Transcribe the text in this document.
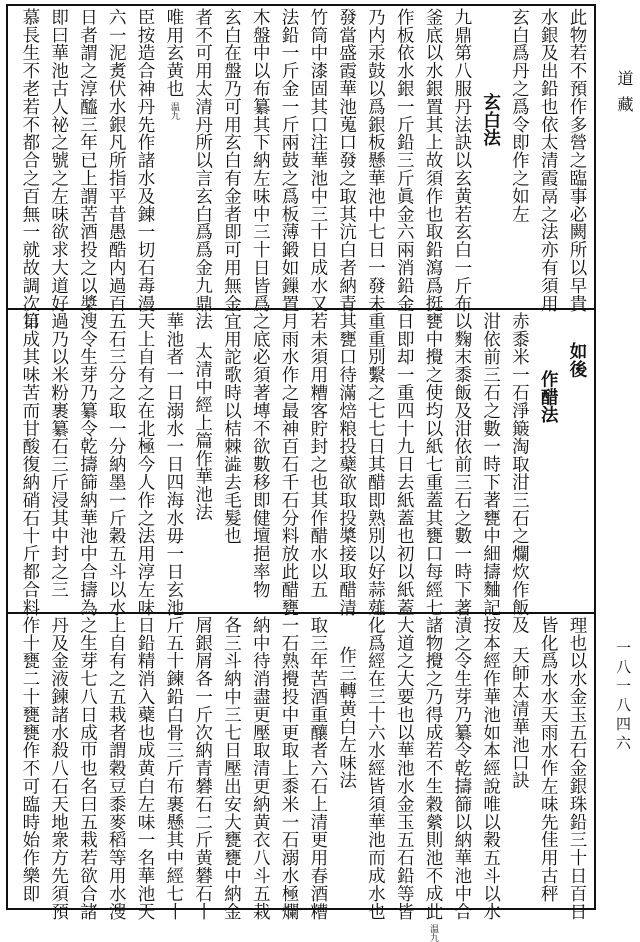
此物若不預作多營之臨事必闕所以早貴
水銀及出鉛也依太清霞鬲之法亦有須用
玄白爲丹之爲令即作之如左
玄白法
九鼎第八服丹法訣以玄黄若玄白一斤布
釜底以水銀置其上故須作也取鉛瀉爲挺
作板依水銀一斤鉛三斤眞金六兩消鉛金
乃内汞鼓以爲銀板懸華池中七日一發未
發當盛霞華池蒐口發之取其沆白者納青
竹筒中漆固其口注華池中三十日成水又
法鉛一斤金一斤兩鼓之爲板薄鍛如鏁置
木盤中以布纂其下納左味中三十日皆爲
玄白在盤乃可用玄白有金者即可用無金
者不可用太清丹所以言玄白爲爲金九鼎法
唯用玄黄也温九
臣按造合神丹先作諸水及錬一切石毒漫
六一泥煑伏水銀凡所指平昔愚酷内過百
日者謂之淳醯三年已上謂苦酒投之以槳
即曰華池古人祕之號之左味欲求大道好
慕長生不老若不都合之百無一就故調次第
如後
作醋法
赤黍米一石淨簸淘取泔三石之爛炊作飯及
泔依前三石之數一時下著甕中細擣麯記
以麴末黍飯及泔依前三石之數一時下著
甕中攪之使均以紙七重蓋其甕口每經七
日即却一重四十九日去紙蓋也初以紙蓋
重重別繫之七七日其醋即熟別以好蒜薤
其甕口待滿焙粮投蘗欲取投槳接取醋清
若未須用糟客貯封之也其作醋水以五
月雨水作之最神百石千石分料放此醋甕
之底必須著塼不欲數移即健壇挹率物
宜用詑歌時以桔棘澁去毛髮也
太清中經上篇作華池法
華池者一日溺水一日四海水毋一日玄池
天上自有之在北極今人作之法用淳左味
五石三分之取一分納墨一斤穀五斗以水
溲令生芽乃纂令乾擣篩納華池中合擣為
過乃以米粉裹纂石三斤浸其中封之三
日成其味苦而甘酸復納硝石十斤都合料
理也以水金玉五石金銀珠鉛三十日百日
皆化爲水水天雨水作左味先佳用古秤
天師太清華池口訣
按本經作華池如本經說唯以穀五斗以水
漬之令生芽乃纂令乾擣篩以納華池中合
諸物攪之乃得成若不生穀縈則池不成此温九
大道之大要也以華池水金玉五石鉛等皆
化爲經在三十六水經皆須華池而成水也
作三轉黄白左味法
取三年苦酒重釀者六石上清更用春酒糟
一石熟攪投中更取上黍米一石溺水極爛
納中待消盡更壓取清更納黄衣八斗五栽
各三斗納中三七日壓出安大甕甕中納金
屑銀屑各一斤次納青礬石二斤黄礬石十
斤五十鍊鉛白骨三斤布裹懸其中經七十
日鉛精消入蘗也成黄白左味一名華池天
上自有之五栽者謂穀豆黍麥稻等用水溲
之生芽七八日成帀也名曰五栽若欲合諸
丹及金液鍊諸水殺八石天地衆方先須預
作十甕二十甕甕作不可臨時始作樂即
道藏
一八一八四六
